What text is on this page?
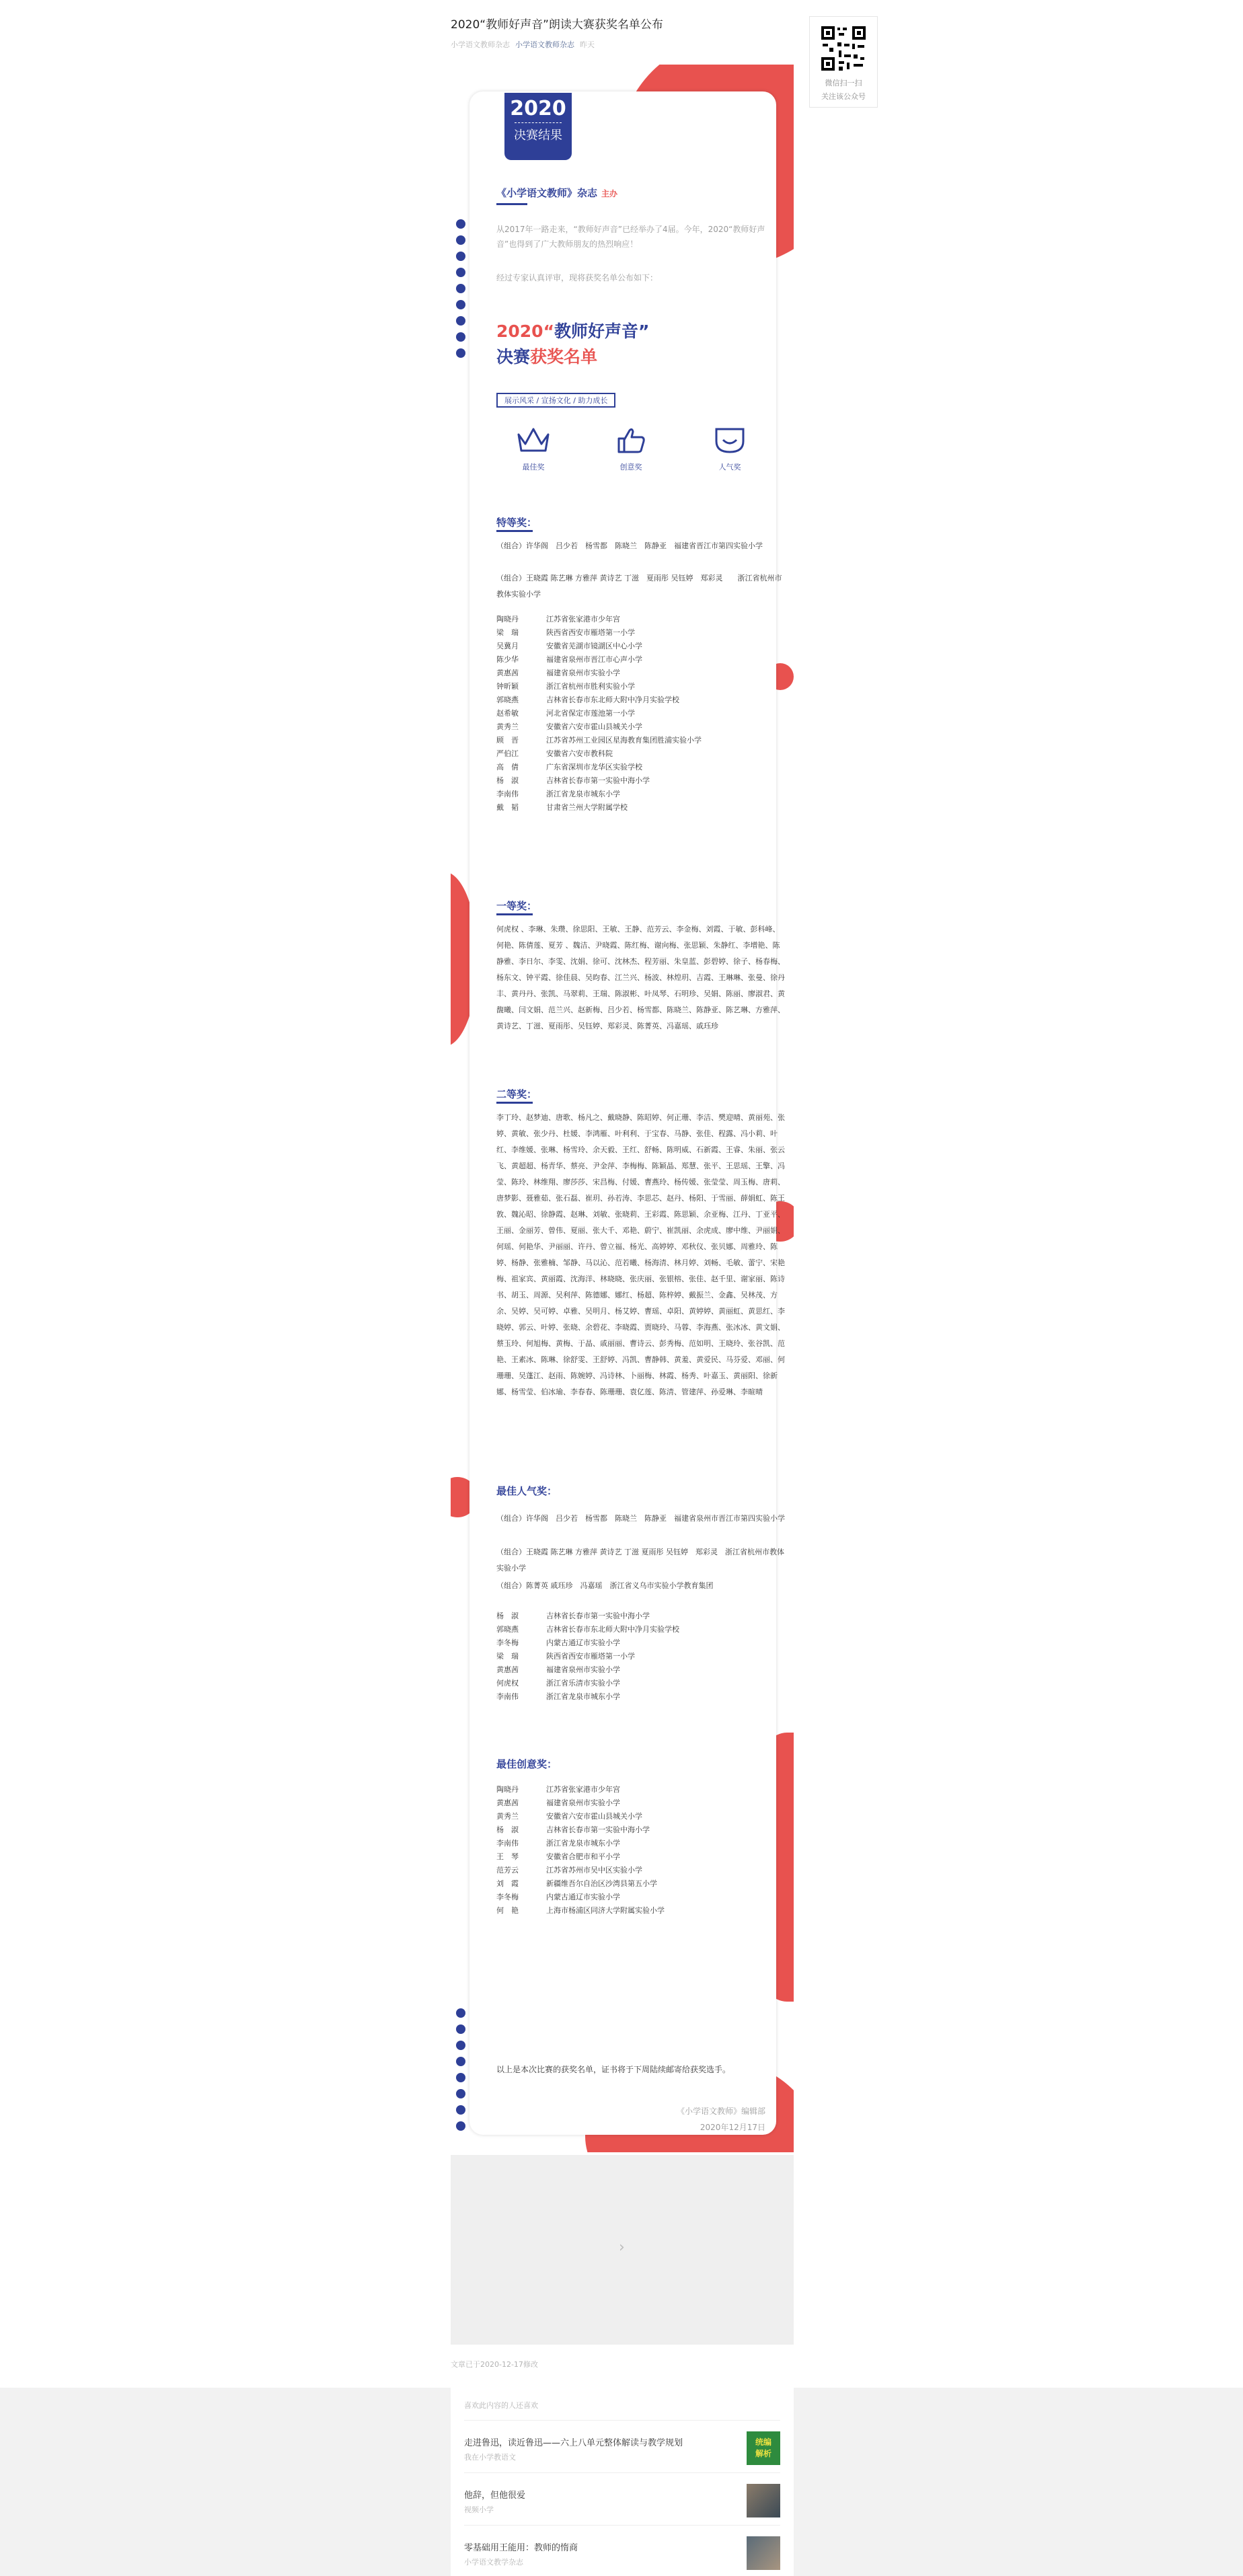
2020“教师好声音”朗读大赛获奖名单公布
小学语文教师杂志 小学语文教师杂志 昨天
微信扫一扫
关注该公众号
2020
决赛结果
《小学语文教师》杂志 主办
从2017年一路走来，“教师好声音”已经举办了4届。今年，2020“教师好声音”也得到了广大教师朋友的热烈响应！
经过专家认真评审，现将获奖名单公布如下：
2020“教师好声音”
决赛获奖名单
展示风采 / 宣扬文化 / 助力成长
最佳奖	创意奖	人气奖
特等奖：
（组合）许华阁　吕少若　杨雪都　陈晓兰　陈静亚　福建省晋江市第四实验小学
（组合）王晓霞 陈艺琳 方雅萍 黄诗艺 丁滋　夏雨彤 吴钰婷　郑彩灵　　浙江省杭州市教体实验小学
陶晓丹	江苏省张家港市少年宫
梁　瑞	陕西省西安市雁塔第一小学
吴冀月	安徽省芜湖市镜湖区中心小学
陈少华	福建省泉州市晋江市心声小学
黄惠茜	福建省泉州市实验小学
钟昕颖	浙江省杭州市胜利实验小学
郭晓燕	吉林省长春市东北师大附中净月实验学校
赵希敏	河北省保定市莲池第一小学
黄秀兰	安徽省六安市霍山县城关小学
顾　晋	江苏省苏州工业园区星海教育集团胜浦实验小学
严伯江	安徽省六安市教科院
高　倩	广东省深圳市龙华区实验学校
杨　淑	吉林省长春市第一实验中海小学
李南伟	浙江省龙泉市城东小学
戴　韬	甘肃省兰州大学附属学校
一等奖：
何虎权 、李琳、朱瓒、徐思阳、王敏、王静、范芳云、李金梅、刘霞、于敏、彭科峰、何艳、陈倩莲、夏芳 、魏洁、尹晓霞、陈红梅、谢向梅、张思颖、朱静红、李增艳、陈静雅、李日尔、李雯、沈娟、徐可、沈林杰、程芳丽、朱皇蓝、彭碧婷、徐子、杨春梅、杨东文、钟平霞、徐佳晨、吴昀春、江兰兴、杨波、林煌玥、吉霞、王琳琳、张曼、徐丹丰、黄丹丹、张凯、马翠莉、王瑞、陈淑彬、叶凤琴、石明珍、吴娟、陈丽、廖淑君、黄馥曦、闫文娟、范兰兴、赵新梅、吕少若、杨雪都、陈晓兰、陈静亚、陈艺琳、方雅萍、黄诗艺、丁滋、夏雨彤、吴钰婷、郑彩灵、陈菁英、冯嘉瑶、戚珏珍
二等奖：
李丁玲、赵梦迪、唐歌、杨凡之、戴晓静、陈昭婷、何正珊、李洁、樊迎晴、黄丽苑、张婷、黄敏、张少丹、杜媛、李鸿雁、叶利利、于宝春、马静、张佳、程露、冯小莉、叶红、李维媛、张琳、杨雪玲、余天毅、王红、舒畅、陈明威、石新霞、王睿、朱丽、张云飞、黄超超、杨青华、蔡亮、尹金萍、李梅梅、陈颖晶、郑慧、张平、王思瑶、王擎、冯莹、陈玲、林维翔、廖莎莎、宋昌梅、付媛、曹燕玲、杨传媛、张莹莹、周玉梅、唐莉、唐梦影、聂雅茹、张石磊、崔玥、孙若涛、李思芯、赵丹、杨阳、于雪丽、薛娟虹、陈王敦、魏沁昭、徐静霞、赵琳、刘敏、张晓莉、王彩霞、陈思颖、余亚梅、江丹、丁亚平、王丽、金丽芳、曾伟、夏丽、张大千、邓艳、蔚宁、崔凯丽、余虎成、廖中维、尹丽娟、何瑶、何艳华、尹丽丽、许丹、曾立福、杨光、高婷婷、邓秋仪、张贝娜、周雅玲、陈婷、杨静、张雅楠、邹静、马以沁、范若曦、杨海清、林月婷、刘畅、毛敏、蕾宁、宋艳梅、祖家宾、黄丽霞、沈海洋、林晓晓、张庆丽、张银榕、张佳、赵千里、谢家丽、陈诗书、胡玉、周源、吴利萍、陈德娜、娜红、杨超、陈梓婷、戴振兰、金鑫、吴林茂、方余、吴婷、吴可婷、卓雅、吴明月、杨艾婷、曹瑶、卓阳、黄婷婷、黄丽虹、黄思红、李晓婷、郭云、叶婷、张晓、余碧花、李晓霞、贾晓玲、马蓉、李海燕、张冰冰、黄文娟、蔡玉玲、何旭梅、黄梅、于晶、戚丽丽、曹诗云、彭秀梅、范如明、王晓玲、张谷凯、范艳、王素冰、陈琳、徐舒雯、王舒婷、冯凯、曹静韩、黄羞、黄爱民、马芬爱、邓丽、何珊珊、吴蓬江、赵雨、陈婉婷、冯诗林、卜丽梅、林霞、杨秀、叶嘉玉、黄丽阳、徐新娜、杨雪莹、伯冰瑜、李春春、陈珊珊、袁亿莲、陈清、管建萍、孙爱琳、李暄晴
最佳人气奖：
（组合）许华阁　吕少若　杨雪都　陈晓兰　陈静亚　福建省泉州市晋江市第四实验小学
（组合）王晓霞 陈艺琳 方雅萍 黄诗艺 丁滋 夏雨彤 吴钰婷　郑彩灵　浙江省杭州市教体实验小学
（组合）陈菁英 戚珏珍　冯嘉瑶　浙江省义乌市实验小学教育集团
杨　淑	吉林省长春市第一实验中海小学
郭晓燕	吉林省长春市东北师大附中净月实验学校
李冬梅	内蒙古通辽市实验小学
梁　瑞	陕西省西安市雁塔第一小学
黄惠茜	福建省泉州市实验小学
何虎权	浙江省乐清市实验小学
李南伟	浙江省龙泉市城东小学
最佳创意奖：
陶晓丹	江苏省张家港市少年宫
黄惠茜	福建省泉州市实验小学
黄秀兰	安徽省六安市霍山县城关小学
杨　淑	吉林省长春市第一实验中海小学
李南伟	浙江省龙泉市城东小学
王　琴	安徽省合肥市和平小学
范芳云	江苏省苏州市吴中区实验小学
刘　霞	新疆维吾尔自治区沙湾县第五小学
李冬梅	内蒙古通辽市实验小学
何　艳	上海市杨浦区同济大学附属实验小学
以上是本次比赛的获奖名单，证书将于下周陆续邮寄给获奖选手。
《小学语文教师》编辑部
2020年12月17日
›
文章已于2020-12-17修改
喜欢此内容的人还喜欢
走进鲁迅，读近鲁迅——六上八单元整体解读与教学规划
我在小学教语文
统编
解析
他辞，但他很爱
视频小学
零基础用王能用：教师的惰商
小学语文教学杂志
